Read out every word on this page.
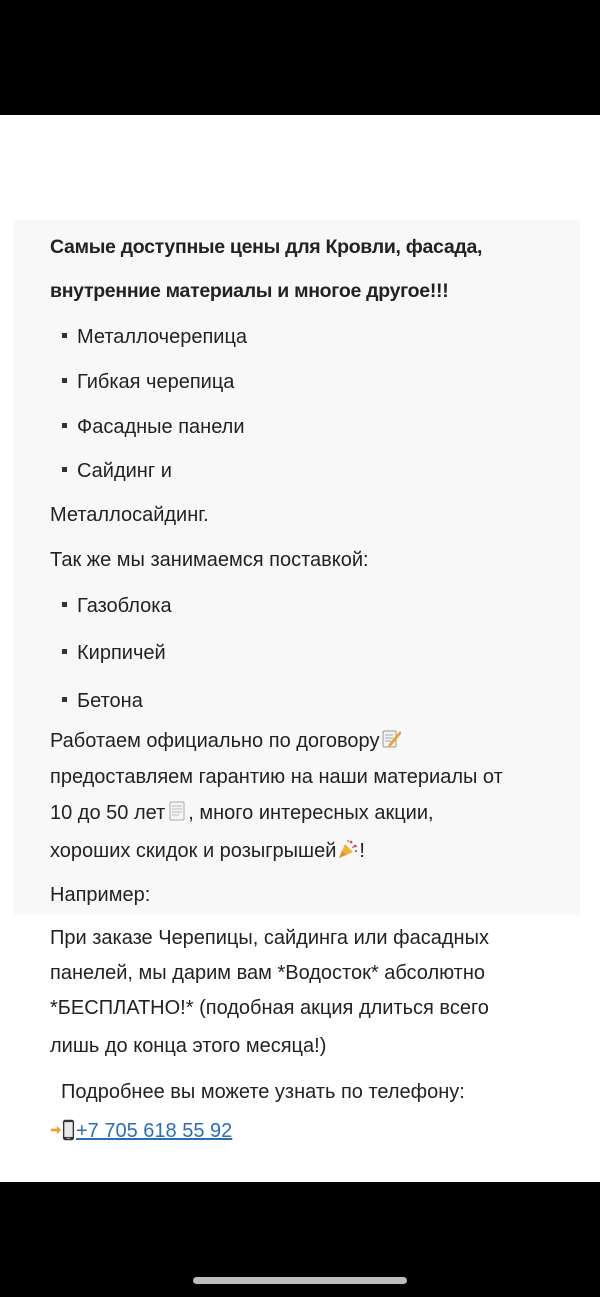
Самые доступные цены для Кровли, фасада,
внутренние материалы и многое другое!!!
Металлочерепица
Гибкая черепица
Фасадные панели
Сайдинг и
Металлосайдинг.
Так же мы занимаемся поставкой:
Газоблока
Кирпичей
Бетона
Работаем официально по договору
предоставляем гарантию на наши материалы от
10 до 50 лет , много интересных акции,
хороших скидок и розыгрышей !
Например:
При заказе Черепицы, сайдинга или фасадных
панелей, мы дарим вам *Водосток* абсолютно
*БЕСПЛАТНО!* (подобная акция длиться всего
лишь до конца этого месяца!)
Подробнее вы можете узнать по телефону:
+7 705 618 55 92
